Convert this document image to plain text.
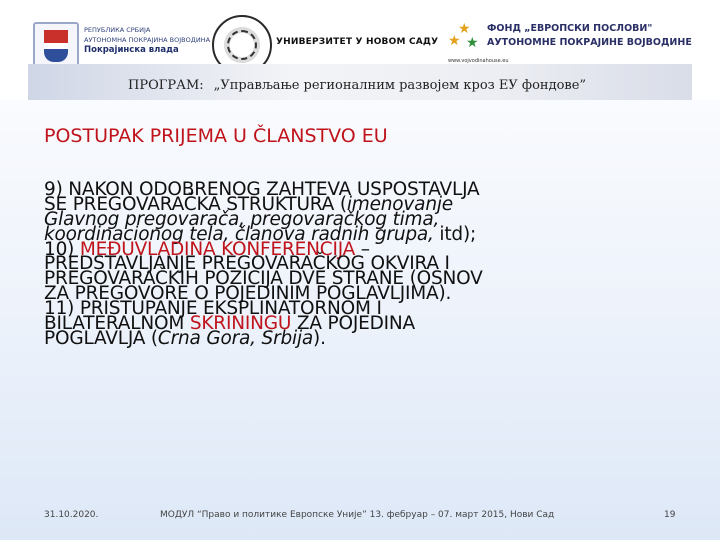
РЕПУБЛИКА СРБИЈА
АУТОНОМНА ПОКРАЈИНА ВОЈВОДИНА
Покрајинска влада
УНИВЕРЗИТЕТ У НОВОМ САДУ
★
★ ★
ФОНД „ЕВРОПСКИ ПОСЛОВИ"
АУТОНОМНЕ ПОКРАЈИНЕ ВОЈВОДИНЕ
www.vojvodinahouse.eu
ПРОГРАМ: „Управљање регионалним развојем кроз ЕУ фондове”
POSTUPAK PRIJEMA U ČLANSTVO EU
9) NAKON ODOBRENOG ZAHTEVA USPOSTAVLJA
SE PREGOVARAČKA STRUKTURA (imenovanje
Glavnog pregovarača, pregovaračkog tima,
koordinacionog tela, članova radnih grupa, itd);
10) MEĐUVLADINA KONFERENCIJA –
PREDSTAVLJANJE PREGOVARAČKOG OKVIRA I
PREGOVARAČKIH POZICIJA DVE STRANE (OSNOV
ZA PREGOVORE O POJEDINIM POGLAVLJIMA).
11) PRISTUPANJE EKSPLINATORNOM I
BILATERALNOM SKRININGU ZA POJEDINA
POGLAVLJA (Crna Gora, Srbija).
31.10.2020.	МОДУЛ “Право и политике Европске Уније” 13. фебруар – 07. март 2015, Нови Сад	19
